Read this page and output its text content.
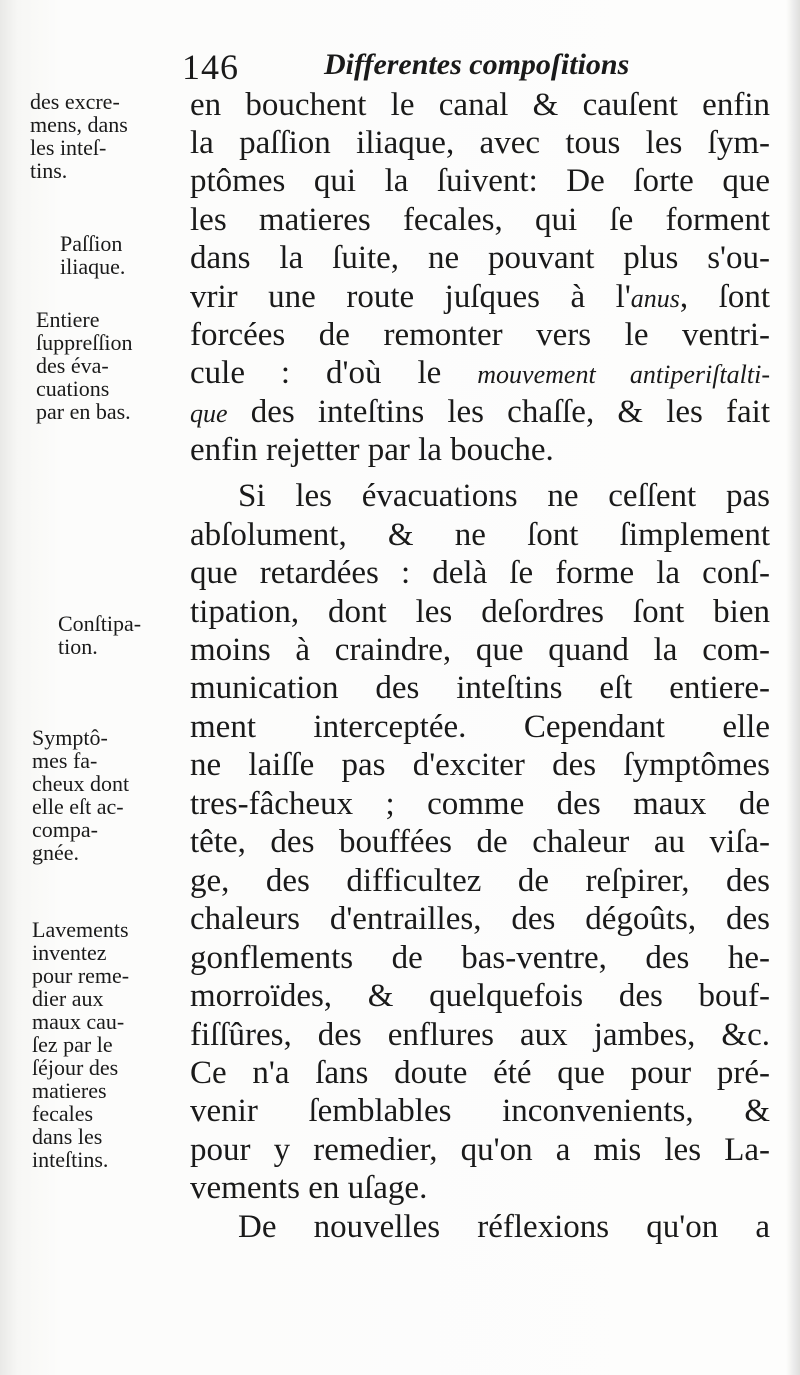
146	Differentes compoſitions
des excre-
mens, dans
les inteſ-
tins.
Paſſion
iliaque.
Entiere
ſuppreſſion
des éva-
cuations
par en bas.
Conſtipa-
tion.
Symptô-
mes fa-
cheux dont
elle eſt ac-
compa-
gnée.
Lavements
inventez
pour reme-
dier aux
maux cau-
ſez par le
ſéjour des
matieres
fecales
dans les
inteſtins.
en bouchent le canal & cauſent enfin
la paſſion iliaque, avec tous les ſym-
ptômes qui la ſuivent: De ſorte que
les matieres fecales, qui ſe forment
dans la ſuite, ne pouvant plus s'ou-
vrir une route juſques à l'anus, ſont
forcées de remonter vers le ventri-
cule : d'où le mouvement antiperiſtalti-
que des inteſtins les chaſſe, & les fait
enfin rejetter par la bouche.
Si les évacuations ne ceſſent pas
abſolument, & ne ſont ſimplement
que retardées : delà ſe forme la conſ-
tipation, dont les deſordres ſont bien
moins à craindre, que quand la com-
munication des inteſtins eſt entiere-
ment interceptée. Cependant elle
ne laiſſe pas d'exciter des ſymptômes
tres-fâcheux ; comme des maux de
tête, des bouffées de chaleur au viſa-
ge, des difficultez de reſpirer, des
chaleurs d'entrailles, des dégoûts, des
gonflements de bas-ventre, des he-
morroïdes, & quelquefois des bouf-
fiſſûres, des enflures aux jambes, &c.
Ce n'a ſans doute été que pour pré-
venir ſemblables inconvenients, &
pour y remedier, qu'on a mis les La-
vements en uſage.
De nouvelles réflexions qu'on a
